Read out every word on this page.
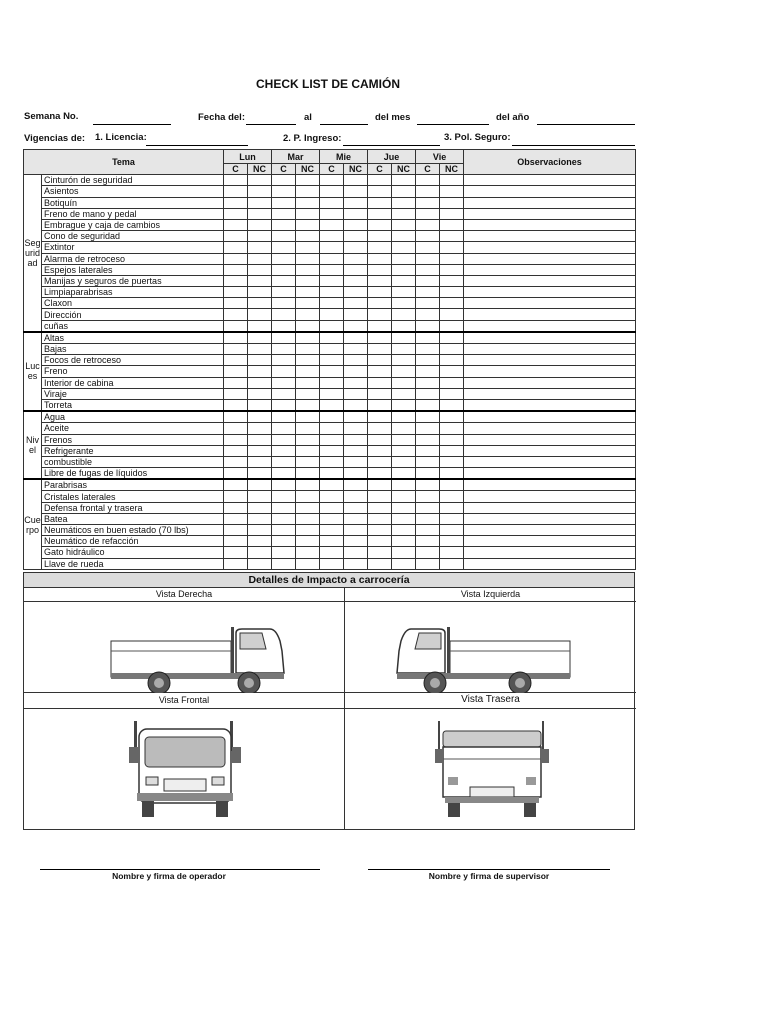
CHECK LIST DE CAMIÓN
Semana No.	Fecha del:	al	del mes	del año
Vigencias de: 1. Licencia:	2. P. Ingreso:	3. Pol. Seguro:
Tema		Lun		Mar		Mie		Jue		Vie		Observaciones
		C	NC	C	NC	C	NC	C	NC	C	NC	
Seguridad	Cinturón de seguridad											
	Asientos											
	Botiquín											
	Freno de mano y pedal											
	Embrague y caja de cambios											
	Cono de seguridad											
	Extintor											
	Alarma de retroceso											
	Espejos laterales											
	Manijas y seguros de puertas											
	Limpiaparabrisas											
	Claxon											
	Dirección											
	cuñas											
Luces	Altas											
	Bajas											
	Focos de retroceso											
	Freno											
	Interior de cabina											
	Viraje											
	Torreta											
Nivel	Agua											
	Aceite											
	Frenos											
	Refrigerante											
	combustible											
	Libre de fugas de líquidos											
Cuerpo	Parabrisas											
	Cristales laterales											
	Defensa frontal y trasera											
	Batea											
	Neumáticos en buen estado (70 lbs)											
	Neumático de refacción											
	Gato hidráulico											
	Llave de rueda											
Detalles de Impacto a carrocería
Vista Derecha	Vista Izquierda
Vista Frontal	Vista Trasera
Nombre y firma de operador	Nombre y firma de supervisor
